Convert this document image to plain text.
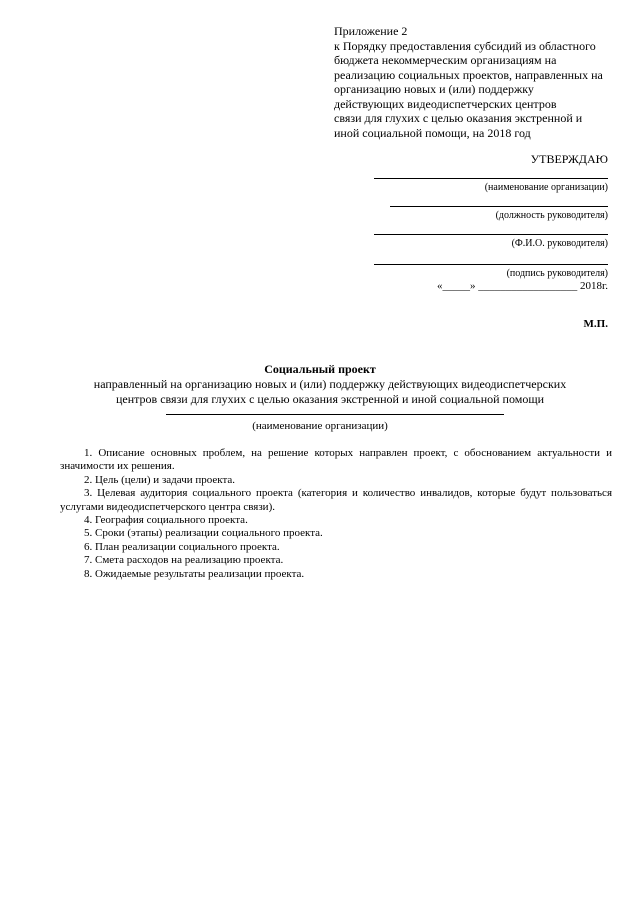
Приложение 2
к Порядку предоставления субсидий из областного
бюджета некоммерческим организациям на
реализацию социальных проектов, направленных на
организацию новых и (или) поддержку
действующих видеодиспетчерских центров
связи для глухих с целью оказания экстренной и
иной социальной помощи, на 2018 год
УТВЕРЖДАЮ
(наименование организации)
(должность руководителя)
(Ф.И.О. руководителя)
(подпись руководителя)
«_____» __________________ 2018г.
М.П.
Социальный проект
направленный на организацию новых и (или) поддержку действующих видеодиспетчерских
центров связи для глухих с целью оказания экстренной и иной социальной помощи
(наименование организации)
1. Описание основных проблем, на решение которых направлен проект, с обоснованием актуальности и значимости их решения.
2. Цель (цели) и задачи проекта.
3. Целевая аудитория социального проекта (категория и количество инвалидов, которые будут пользоваться услугами видеодиспетчерского центра связи).
4. География социального проекта.
5. Сроки (этапы) реализации социального проекта.
6. План реализации социального проекта.
7. Смета расходов на реализацию проекта.
8. Ожидаемые результаты реализации проекта.
